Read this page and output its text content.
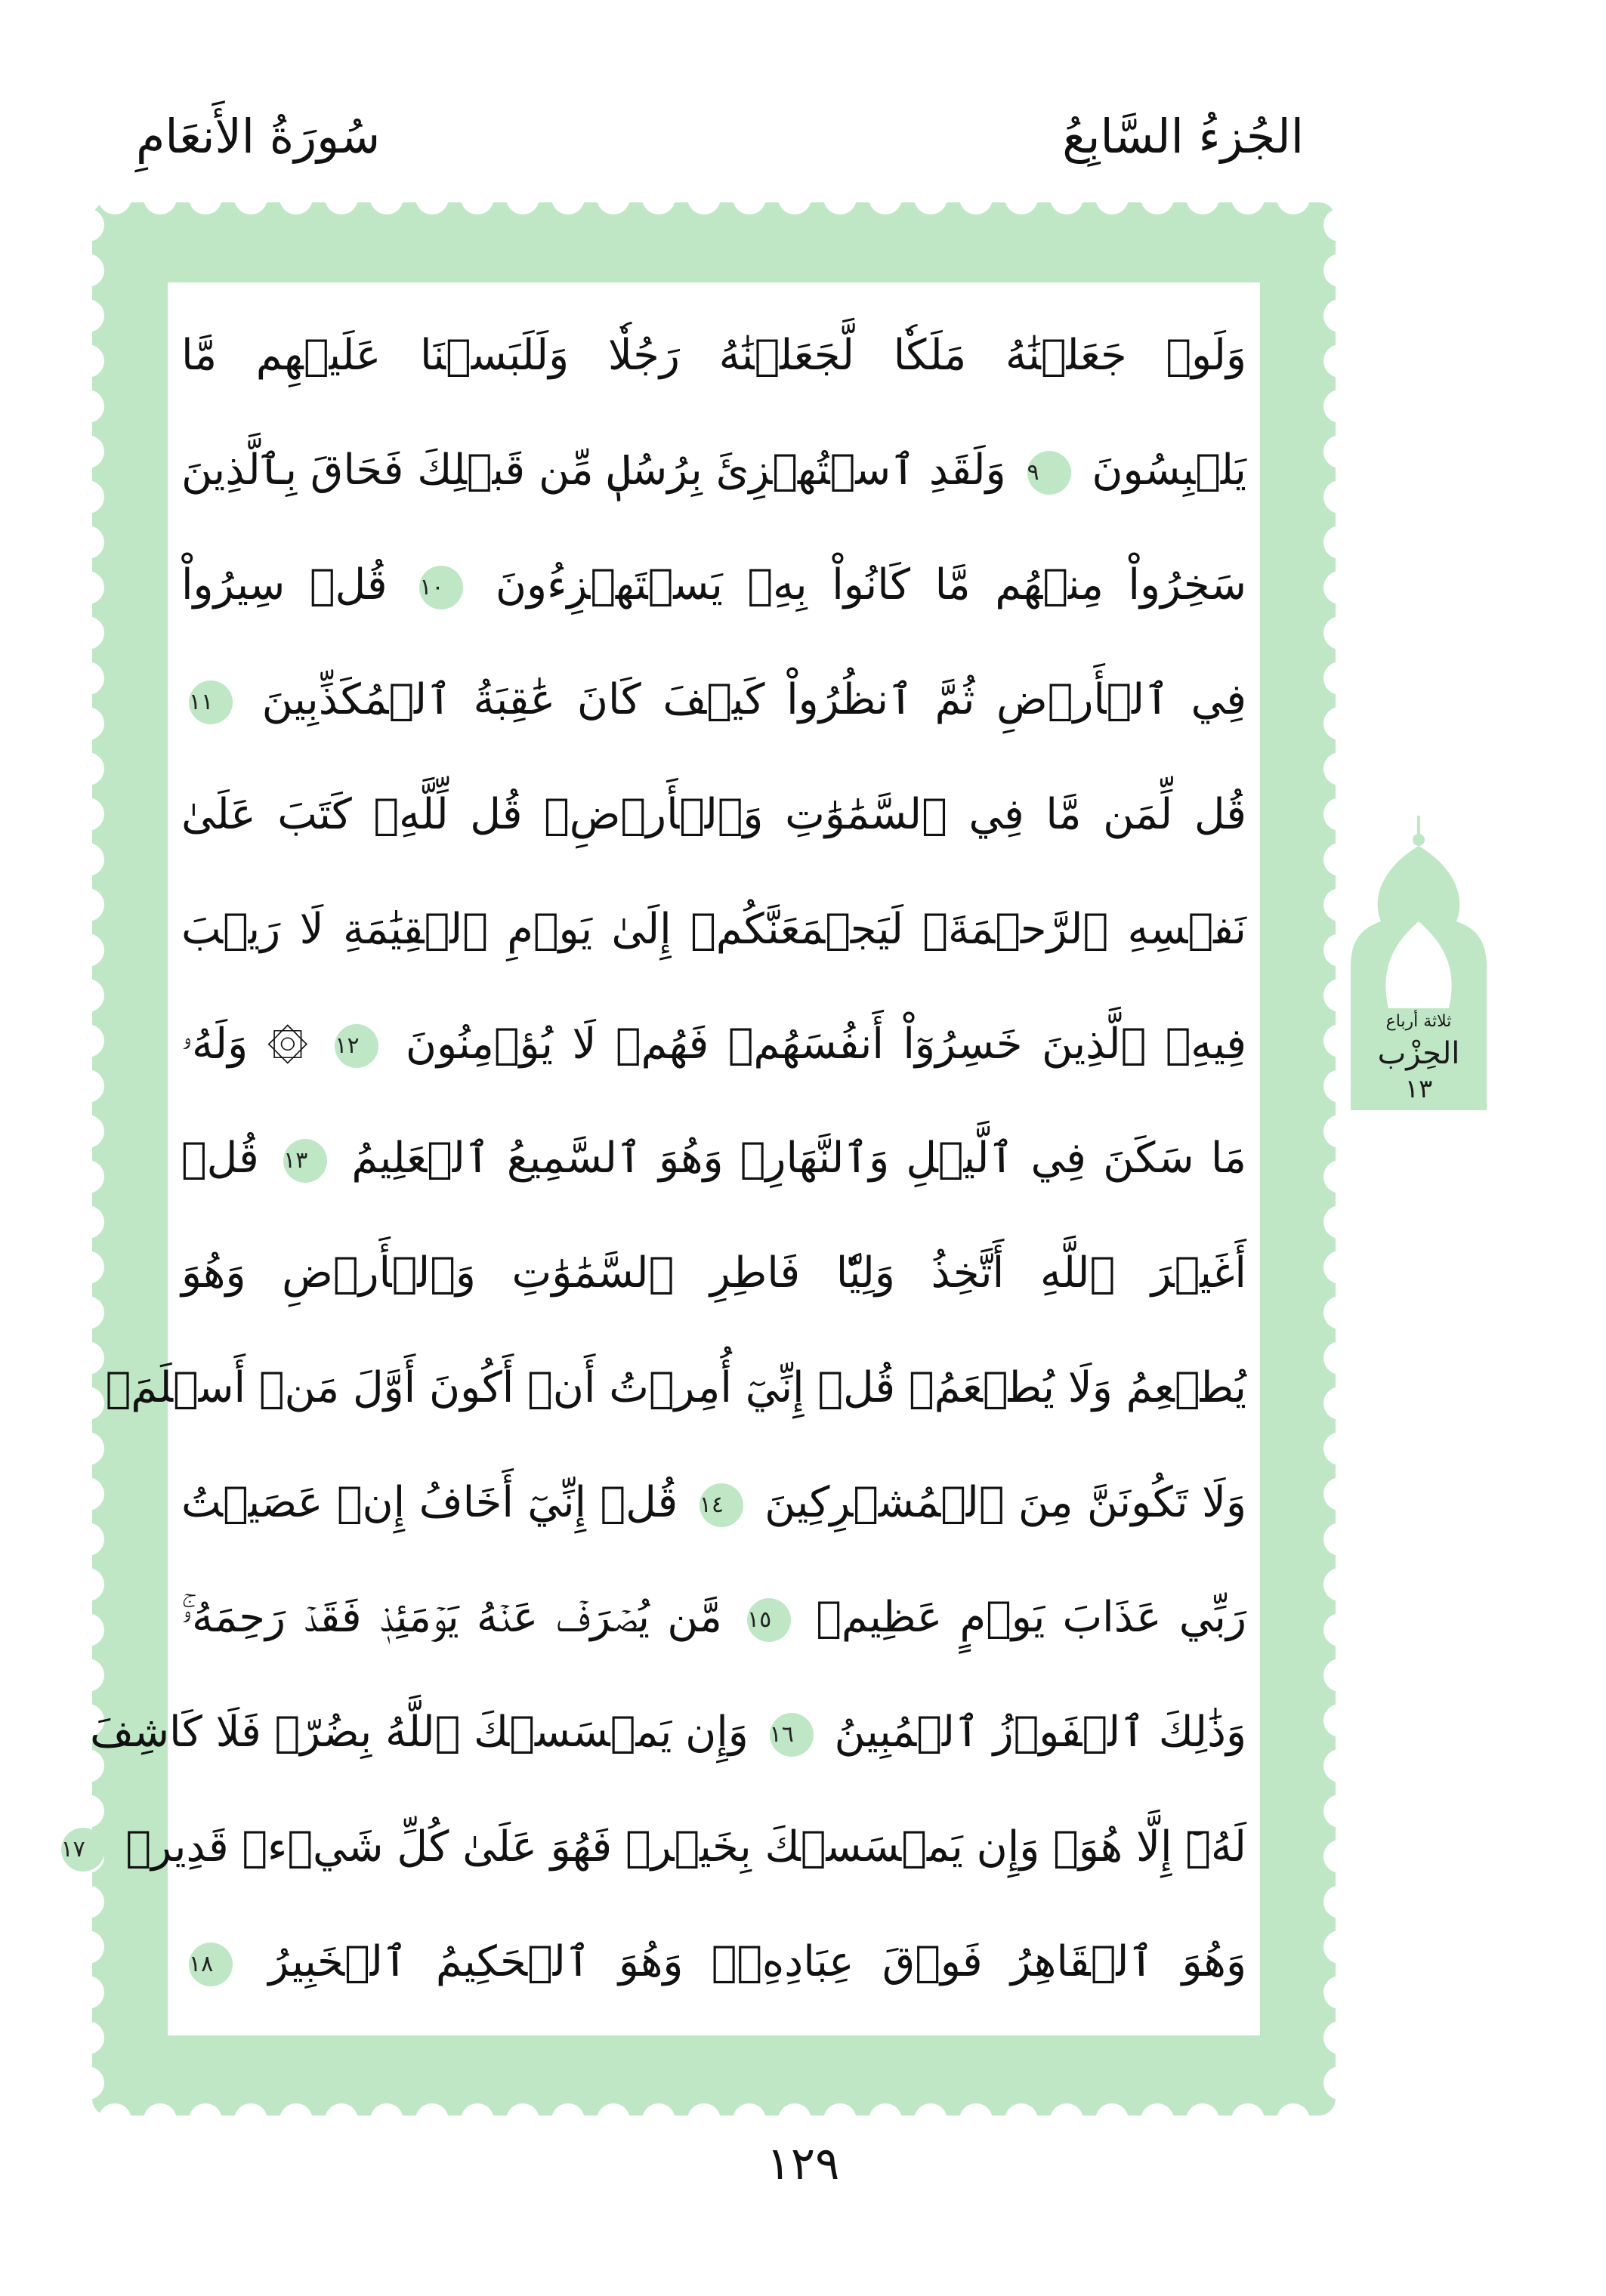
الجُزءُ السَّابِعُ
سُورَةُ الأَنعَامِ
وَلَوۡ جَعَلۡنَٰهُ مَلَكٗا لَّجَعَلۡنَٰهُ رَجُلٗا وَلَلَبَسۡنَا عَلَيۡهِم مَّا
يَلۡبِسُونَ ٩ وَلَقَدِ ٱسۡتُهۡزِئَ بِرُسُلٖ مِّن قَبۡلِكَ فَحَاقَ بِٱلَّذِينَ
سَخِرُواْ مِنۡهُم مَّا كَانُواْ بِهِۦ يَسۡتَهۡزِءُونَ ١٠ قُلۡ سِيرُواْ
فِي ٱلۡأَرۡضِ ثُمَّ ٱنظُرُواْ كَيۡفَ كَانَ عَٰقِبَةُ ٱلۡمُكَذِّبِينَ ١١
قُل لِّمَن مَّا فِي ٱلسَّمَٰوَٰتِ وَٱلۡأَرۡضِۖ قُل لِّلَّهِۚ كَتَبَ عَلَىٰ
نَفۡسِهِ ٱلرَّحۡمَةَۚ لَيَجۡمَعَنَّكُمۡ إِلَىٰ يَوۡمِ ٱلۡقِيَٰمَةِ لَا رَيۡبَ
فِيهِۚ ٱلَّذِينَ خَسِرُوٓاْ أَنفُسَهُمۡ فَهُمۡ لَا يُؤۡمِنُونَ ١٢ ۞ وَلَهُۥ
مَا سَكَنَ فِي ٱلَّيۡلِ وَٱلنَّهَارِۚ وَهُوَ ٱلسَّمِيعُ ٱلۡعَلِيمُ ١٣ قُلۡ
أَغَيۡرَ ٱللَّهِ أَتَّخِذُ وَلِيّٗا فَاطِرِ ٱلسَّمَٰوَٰتِ وَٱلۡأَرۡضِ وَهُوَ
يُطۡعِمُ وَلَا يُطۡعَمُۗ قُلۡ إِنِّيٓ أُمِرۡتُ أَنۡ أَكُونَ أَوَّلَ مَنۡ أَسۡلَمَۖ
وَلَا تَكُونَنَّ مِنَ ٱلۡمُشۡرِكِينَ ١٤ قُلۡ إِنِّيٓ أَخَافُ إِنۡ عَصَيۡتُ
رَبِّي عَذَابَ يَوۡمٍ عَظِيمٖ ١٥ مَّن يُصۡرَفۡ عَنۡهُ يَوۡمَئِذٖ فَقَدۡ رَحِمَهُۥۚ
وَذَٰلِكَ ٱلۡفَوۡزُ ٱلۡمُبِينُ ١٦ وَإِن يَمۡسَسۡكَ ٱللَّهُ بِضُرّٖ فَلَا كَاشِفَ
لَهُۥٓ إِلَّا هُوَۖ وَإِن يَمۡسَسۡكَ بِخَيۡرٖ فَهُوَ عَلَىٰ كُلِّ شَيۡءٖ قَدِيرٞ ١٧
وَهُوَ ٱلۡقَاهِرُ فَوۡقَ عِبَادِهِۦۚ وَهُوَ ٱلۡحَكِيمُ ٱلۡخَبِيرُ ١٨
ثلاثة أرباع
الحِزْب
١٣
١٢٩
